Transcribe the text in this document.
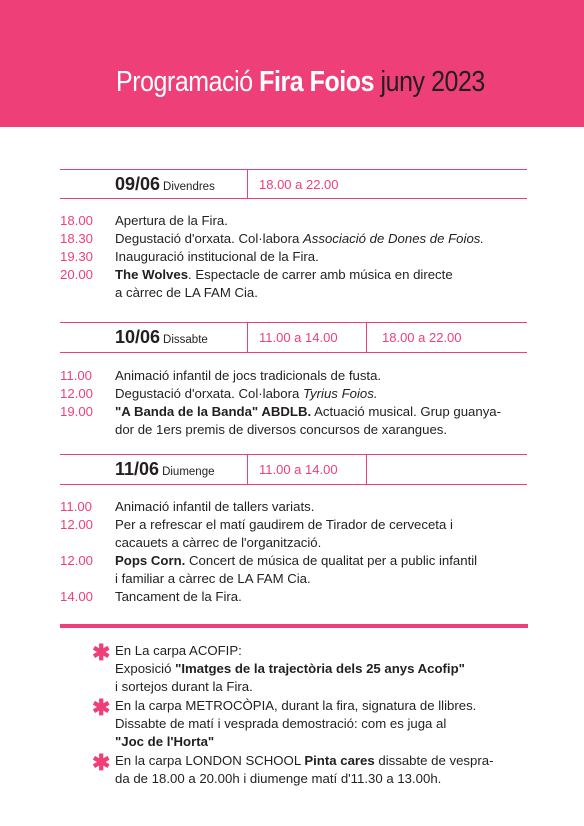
Programació Fira Foios juny 2023
09/06 Divendres	18.00 a 22.00
18.00	Apertura de la Fira.
18.30	Degustació d'orxata. Col·labora Associació de Dones de Foios.
19.30	Inauguració institucional de la Fira.
20.00	The Wolves. Espectacle de carrer amb música en directe
a càrrec de LA FAM Cia.
10/06 Dissabte	11.00 a 14.00	18.00 a 22.00
11.00	Animació infantil de jocs tradicionals de fusta.
12.00	Degustació d'orxata. Col·labora Tyrius Foios.
19.00	"A Banda de la Banda" ABDLB. Actuació musical. Grup guanya-
dor de 1ers premis de diversos concursos de xarangues.
11/06 Diumenge	11.00 a 14.00
11.00	Animació infantil de tallers variats.
12.00	Per a refrescar el matí gaudirem de Tirador de cerveceta i
cacauets a càrrec de l'organització.
12.00	Pops Corn. Concert de música de qualitat per a public infantil
i familiar a càrrec de LA FAM Cia.
14.00	Tancament de la Fira.
✱ En La carpa ACOFIP:
Exposició "Imatges de la trajectòria dels 25 anys Acofip"
i sortejos durant la Fira.
✱ En la carpa METROCÒPIA, durant la fira, signatura de llibres.
Dissabte de matí i vesprada demostració: com es juga al
"Joc de l'Horta"
✱ En la carpa LONDON SCHOOL Pinta cares dissabte de vespra-
da de 18.00 a 20.00h i diumenge matí d'11.30 a 13.00h.
